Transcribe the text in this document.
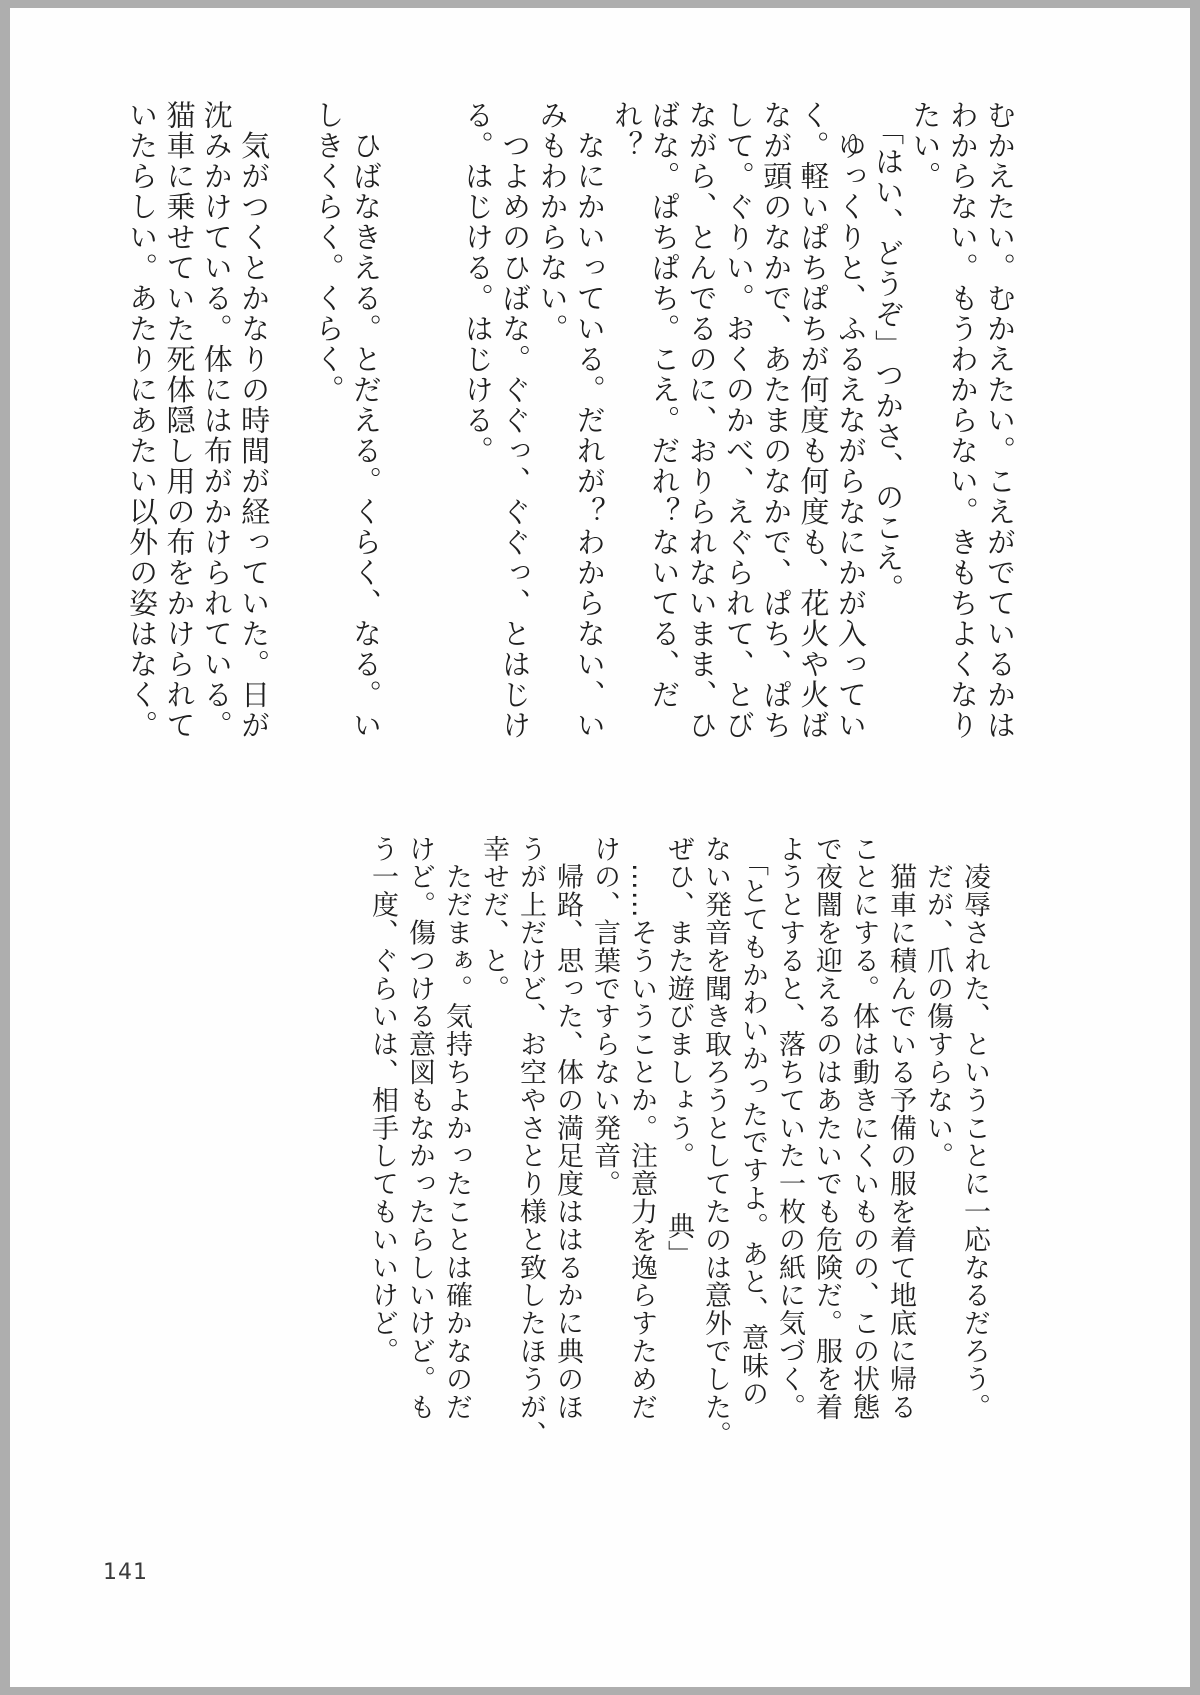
むかえたい。むかえたい。こえがでているかは

わからない。もうわからない。きもちよくなり

たい。

　「はい、どうぞ」つかさ、のこえ。

　ゆっくりと、ふるえながらなにかが入ってい

く。軽いぱちぱちが何度も何度も、花火や火ば

なが頭のなかで、あたまのなかで、ぱち、ぱち

して。ぐりい。おくのかべ、えぐられて、とび

ながら、とんでるのに、おりられないまま、ひ

ばな。ぱちぱち。こえ。だれ？ないてる、だ

れ？

　なにかいっている。だれが？わからない、い

みもわからない。

　つよめのひばな。ぐぐっ、ぐぐっ、とはじけ

る。はじける。はじける。

　ひばなきえる。とだえる。くらく、なる。い

しきくらく。くらく。

　気がつくとかなりの時間が経っていた。日が

沈みかけている。体には布がかけられている。

猫車に乗せていた死体隠し用の布をかけられて

いたらしい。あたりにあたい以外の姿はなく。

　凌辱された、ということに一応なるだろう。

　だが、爪の傷すらない。

　猫車に積んでいる予備の服を着て地底に帰る

ことにする。体は動きにくいものの、この状態

で夜闇を迎えるのはあたいでも危険だ。服を着

ようとすると、落ちていた一枚の紙に気づく。

　「とてもかわいかったですよ。あと、意味の

ない発音を聞き取ろうとしてたのは意外でした。

ぜひ、また遊びましょう。　　典」

　……そういうことか。注意力を逸らすためだ

けの、言葉ですらない発音。

　帰路、思った、体の満足度ははるかに典のほ

うが上だけど、お空やさとり様と致したほうが、

幸せだ、と。

　ただまぁ。気持ちよかったことは確かなのだ

けど。傷つける意図もなかったらしいけど。も

う一度、ぐらいは、相手してもいいけど。

141
